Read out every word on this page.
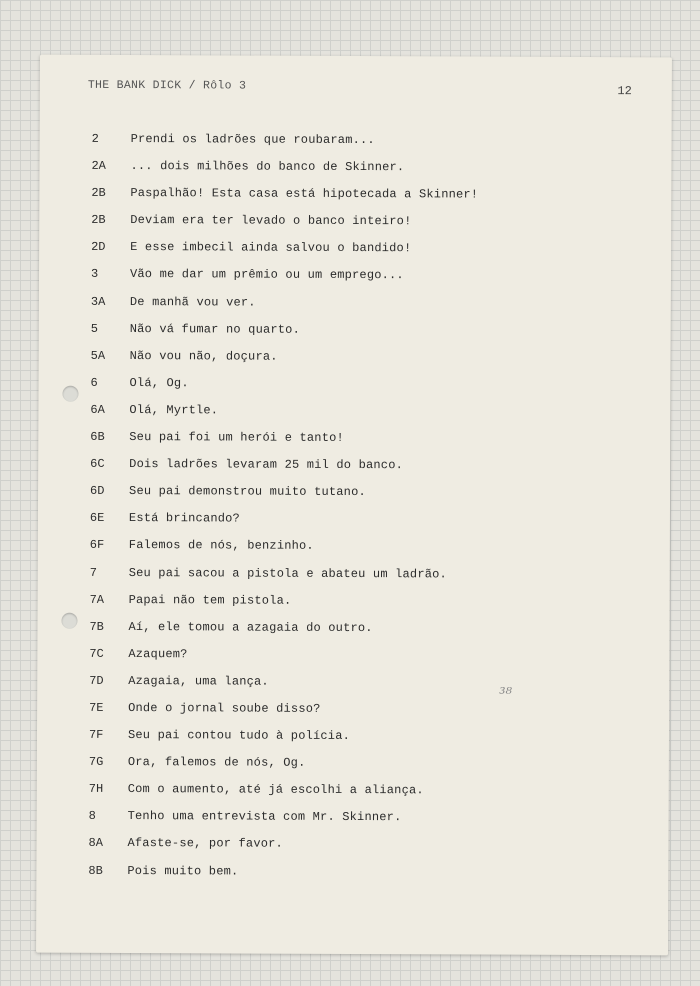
THE BANK DICK / Rôlo 3	12
₃₈
2	Prendi os ladrões que roubaram...
2A	... dois milhões do banco de Skinner.
2B	Paspalhão! Esta casa está hipotecada a Skinner!
2B	Deviam era ter levado o banco inteiro!
2D	E esse imbecil ainda salvou o bandido!
3	Vão me dar um prêmio ou um emprego...
3A	De manhã vou ver.
5	Não vá fumar no quarto.
5A	Não vou não, doçura.
6	Olá, Og.
6A	Olá, Myrtle.
6B	Seu pai foi um herói e tanto!
6C	Dois ladrões levaram 25 mil do banco.
6D	Seu pai demonstrou muito tutano.
6E	Está brincando?
6F	Falemos de nós, benzinho.
7	Seu pai sacou a pistola e abateu um ladrão.
7A	Papai não tem pistola.
7B	Aí, ele tomou a azagaia do outro.
7C	Azaquem?
7D	Azagaia, uma lança.
7E	Onde o jornal soube disso?
7F	Seu pai contou tudo à polícia.
7G	Ora, falemos de nós, Og.
7H	Com o aumento, até já escolhi a aliança.
8	Tenho uma entrevista com Mr. Skinner.
8A	Afaste-se, por favor.
8B	Pois muito bem.
